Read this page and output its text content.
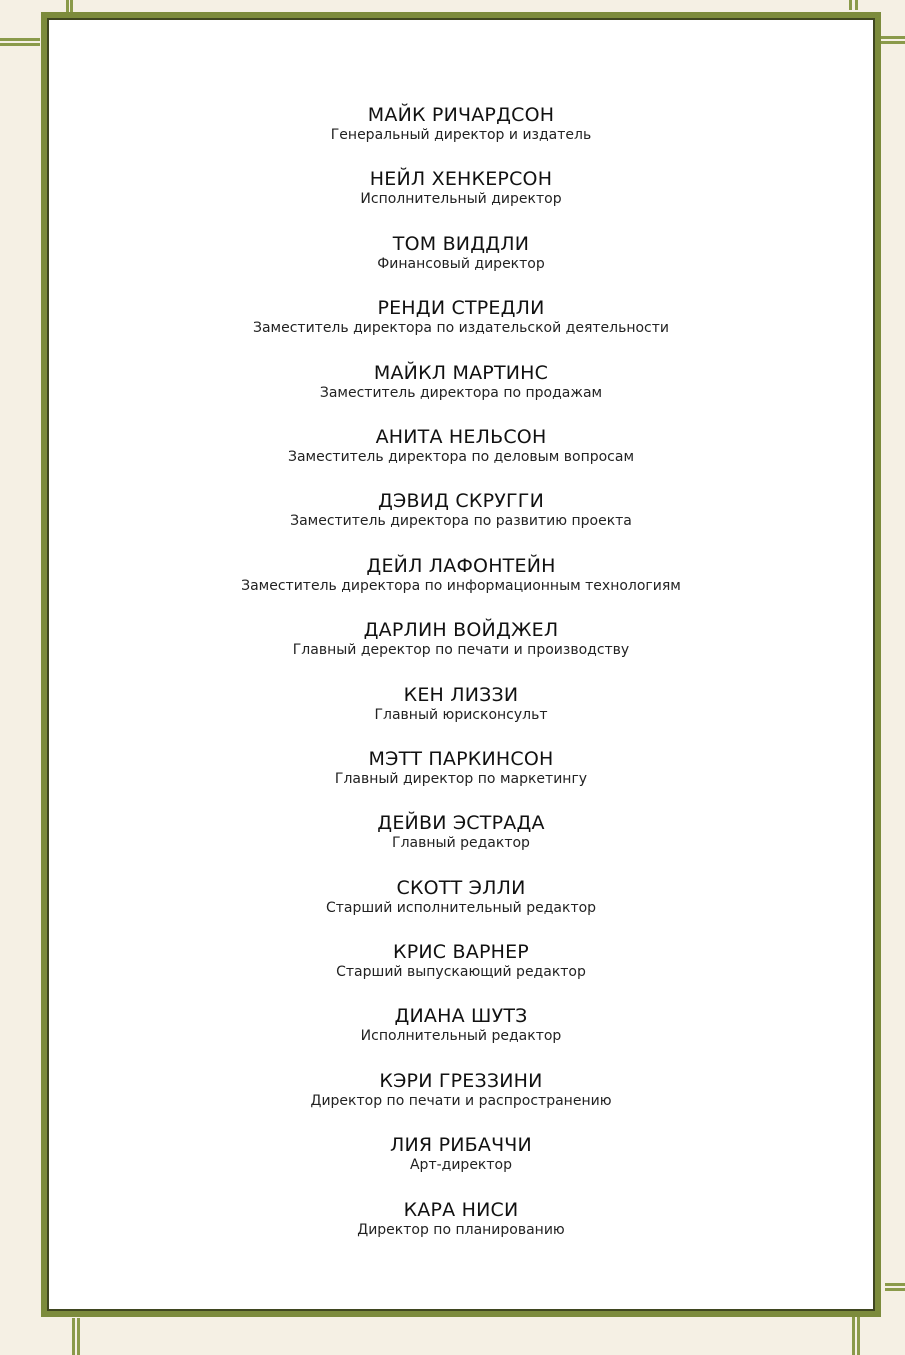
МАЙК РИЧАРДСОН
Генеральный директор и издатель
НЕЙЛ ХЕНКЕРСОН
Исполнительный директор
ТОМ ВИДДЛИ
Финансовый директор
РЕНДИ СТРЕДЛИ
Заместитель директора по издательской деятельности
МАЙКЛ МАРТИНС
Заместитель директора по продажам
АНИТА НЕЛЬСОН
Заместитель директора по деловым вопросам
ДЭВИД СКРУГГИ
Заместитель директора по развитию проекта
ДЕЙЛ ЛАФОНТЕЙН
Заместитель директора по информационным технологиям
ДАРЛИН ВОЙДЖЕЛ
Главный деректор по печати и производству
КЕН ЛИЗЗИ
Главный юрисконсульт
МЭТТ ПАРКИНСОН
Главный директор по маркетингу
ДЕЙВИ ЭСТРАДА
Главный редактор
СКОТТ ЭЛЛИ
Старший исполнительный редактор
КРИС ВАРНЕР
Старший выпускающий редактор
ДИАНА ШУТЗ
Исполнительный редактор
КЭРИ ГРЕЗЗИНИ
Директор по печати и распространению
ЛИЯ РИБАЧЧИ
Арт-директор
КАРА НИСИ
Директор по планированию
